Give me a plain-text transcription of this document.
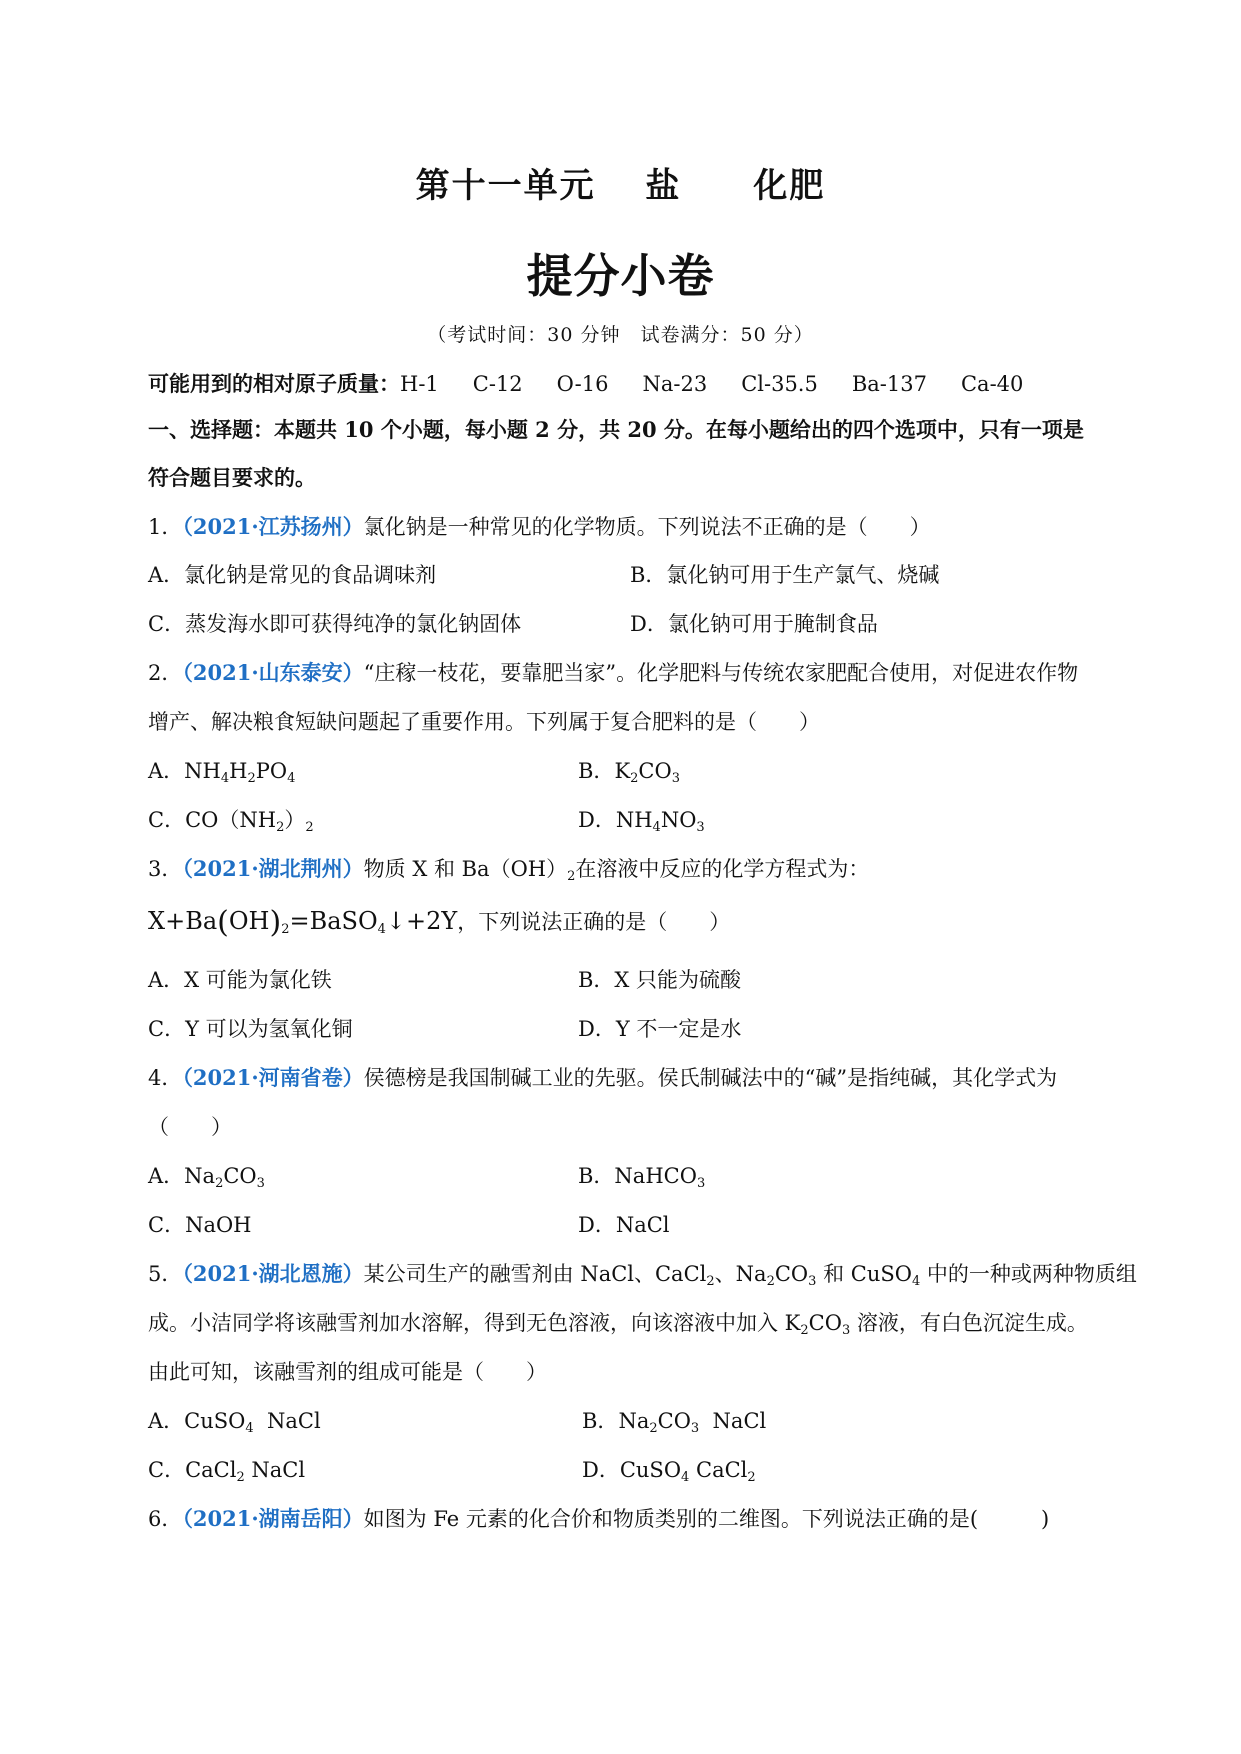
第十一单元　 盐　　化肥
提分小卷
（考试时间：30 分钟　试卷满分：50 分）
可能用到的相对原子质量：H-1 C-12 O-16 Na-23 Cl-35.5 Ba-137 Ca-40
一、选择题：本题共 10 个小题，每小题 2 分，共 20 分。在每小题给出的四个选项中，只有一项是
符合题目要求的。
1．（2021·江苏扬州）氯化钠是一种常见的化学物质。下列说法不正确的是（　　）
A．氯化钠是常见的食品调味剂	B．氯化钠可用于生产氯气、烧碱
C．蒸发海水即可获得纯净的氯化钠固体	D．氯化钠可用于腌制食品
2．（2021·山东泰安）“庄稼一枝花，要靠肥当家”。化学肥料与传统农家肥配合使用，对促进农作物
增产、解决粮食短缺问题起了重要作用。下列属于复合肥料的是（　　）
A．$NH_4H_2PO_4$	B．$K_2CO_3$
C．$CO(NH_2)_2$	D．$NH_4NO_3$
3．（2021·湖北荆州）物质 X 和 $Ba(OH)_2$在溶液中反应的化学方程式为：
$X+Ba(OH)_2=BaSO_4↓+2Y$，下列说法正确的是（　　）
A．X 可能为氯化铁	B．X 只能为硫酸
C．Y 可以为氢氧化铜	D．Y 不一定是水
4．（2021·河南省卷）侯德榜是我国制碱工业的先驱。侯氏制碱法中的“碱”是指纯碱，其化学式为
（　　）
A．$Na_2CO_3$	B．NaHCO$_3$
C．NaOH	D．NaCl
5．（2021·湖北恩施）某公司生产的融雪剂由 NaCl、CaCl$_2$、$Na_2CO_3$ 和 CuSO$_4$ 中的一种或两种物质组
成。小洁同学将该融雪剂加水溶解，得到无色溶液，向该溶液中加入 $K_2CO_3$ 溶液，有白色沉淀生成。
由此可知，该融雪剂的组成可能是（　　）
A．CuSO$_4$  NaCl	B．$Na_2CO_3$  NaCl
C．CaCl$_2$ NaCl	D．CuSO$_4$ CaCl$_2$
6．（2021·湖南岳阳）如图为 Fe 元素的化合价和物质类别的二维图。下列说法正确的是(　　　)
